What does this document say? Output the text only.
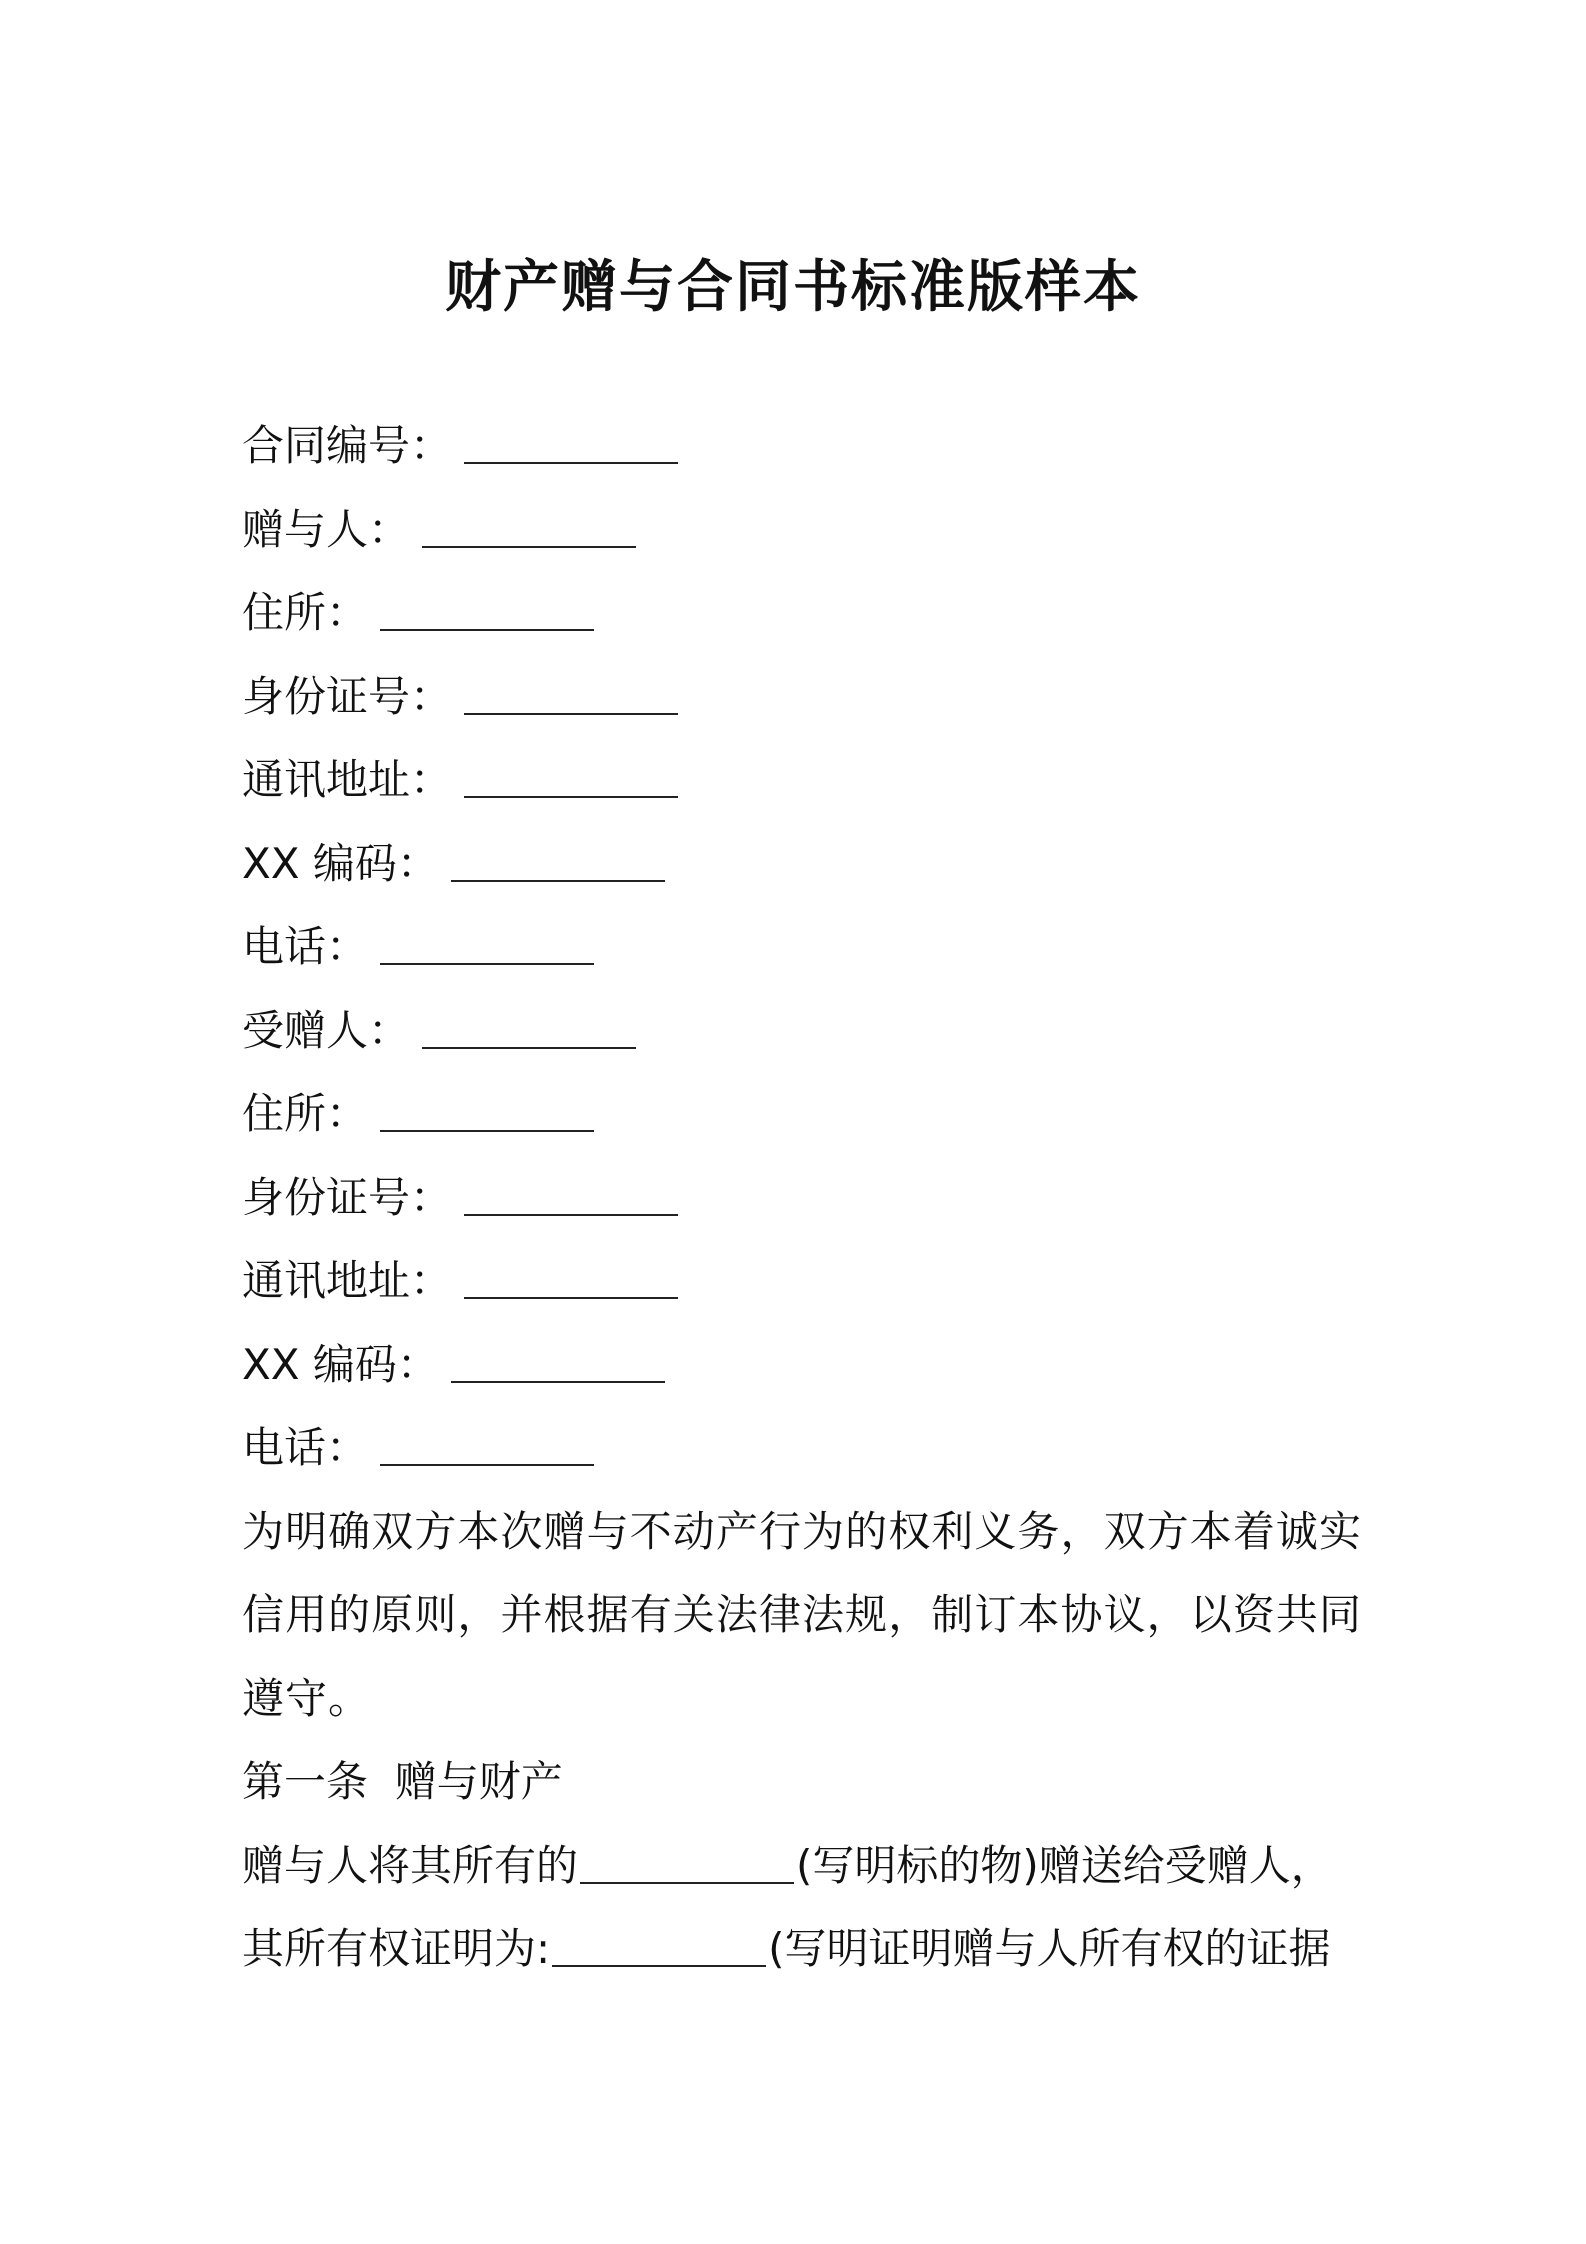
财产赠与合同书标准版样本
合同编号：
赠与人：
住所：
身份证号：
通讯地址：
XX 编码：
电话：
受赠人：
住所：
身份证号：
通讯地址：
XX 编码：
电话：
为明确双方本次赠与不动产行为的权利义务，双方本着诚实信用的原则，并根据有关法律法规，制订本协议，以资共同遵守。
第一条  赠与财产
赠与人将其所有的	(写明标的物)赠送给受赠人，
其所有权证明为:	(写明证明赠与人所有权的证据
